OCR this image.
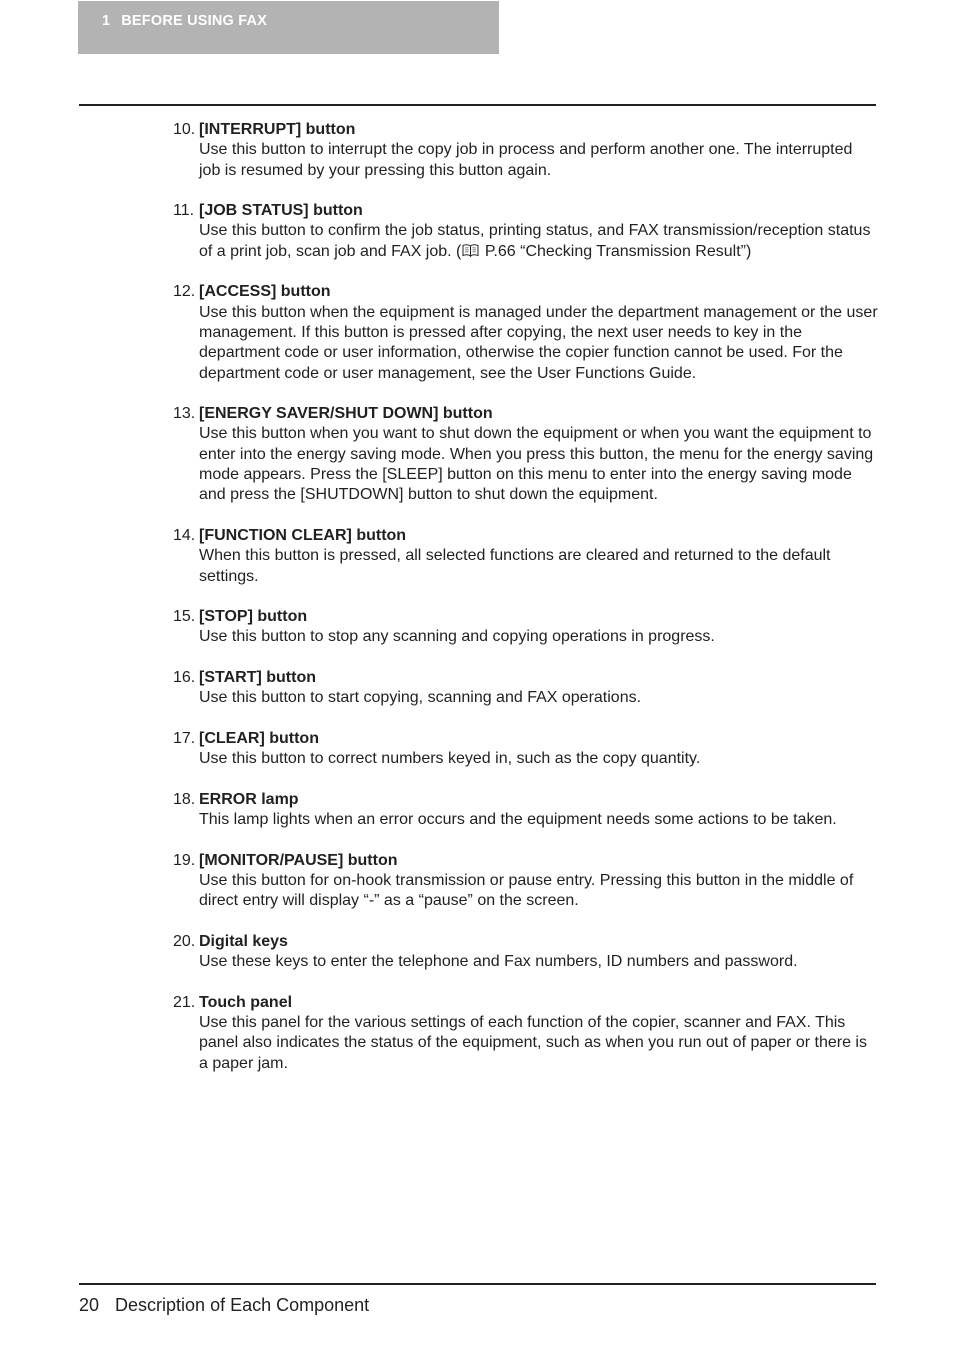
1 BEFORE USING FAX
10. [INTERRUPT] button

Use this button to interrupt the copy job in process and perform another one. The interrupted job is resumed by your pressing this button again.

11. [JOB STATUS] button

Use this button to confirm the job status, printing status, and FAX transmission/reception status of a print job, scan job and FAX job. ( P.66 “Checking Transmission Result”)

12. [ACCESS] button

Use this button when the equipment is managed under the department management or the user management. If this button is pressed after copying, the next user needs to key in the department code or user information, otherwise the copier function cannot be used. For the department code or user management, see the User Functions Guide.

13. [ENERGY SAVER/SHUT DOWN] button

Use this button when you want to shut down the equipment or when you want the equipment to enter into the energy saving mode. When you press this button, the menu for the energy saving mode appears. Press the [SLEEP] button on this menu to enter into the energy saving mode and press the [SHUTDOWN] button to shut down the equipment.

14. [FUNCTION CLEAR] button

When this button is pressed, all selected functions are cleared and returned to the default settings.

15. [STOP] button

Use this button to stop any scanning and copying operations in progress.

16. [START] button

Use this button to start copying, scanning and FAX operations.

17. [CLEAR] button

Use this button to correct numbers keyed in, such as the copy quantity.

18. ERROR lamp

This lamp lights when an error occurs and the equipment needs some actions to be taken.

19. [MONITOR/PAUSE] button

Use this button for on-hook transmission or pause entry. Pressing this button in the middle of direct entry will display “-” as a “pause” on the screen.

20. Digital keys

Use these keys to enter the telephone and Fax numbers, ID numbers and password.

21. Touch panel

Use this panel for the various settings of each function of the copier, scanner and FAX. This panel also indicates the status of the equipment, such as when you run out of paper or there is a paper jam.

20 Description of Each Component
